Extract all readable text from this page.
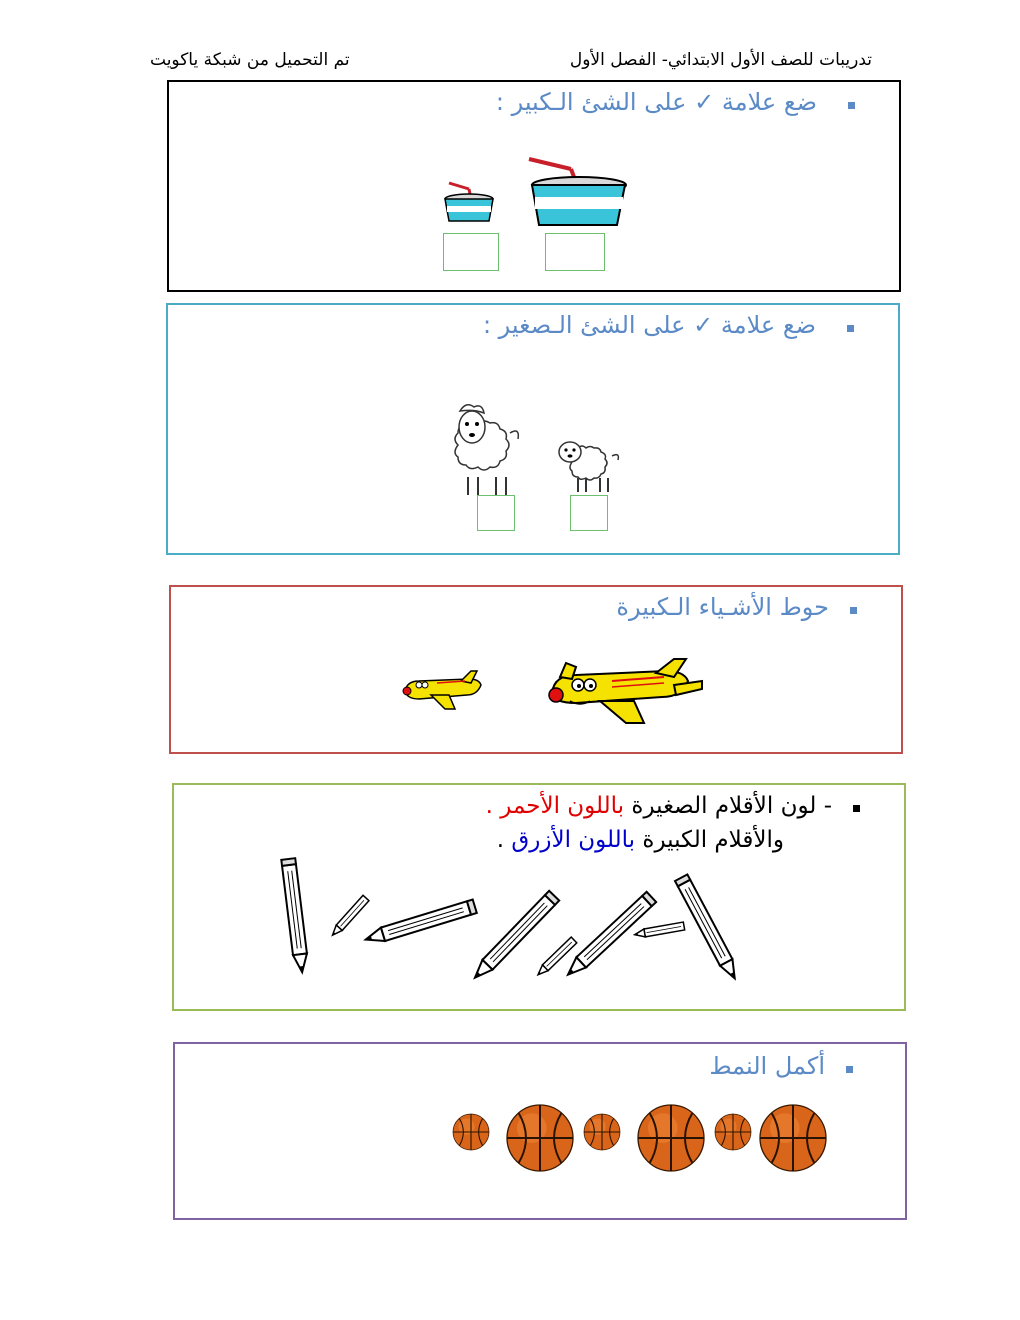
تدريبات للصف الأول الابتدائي- الفصل الأول
تم التحميل من شبكة ياكويت
ضع علامة ✓ على الشئ الـكبير :
ضع علامة ✓ على الشئ الـصغير :
حوط الأشـياء الـكبيرة
- لون الأقلام الصغيرة باللون الأحمر .
والأقلام الكبيرة باللون الأزرق .
أكمل النمط
